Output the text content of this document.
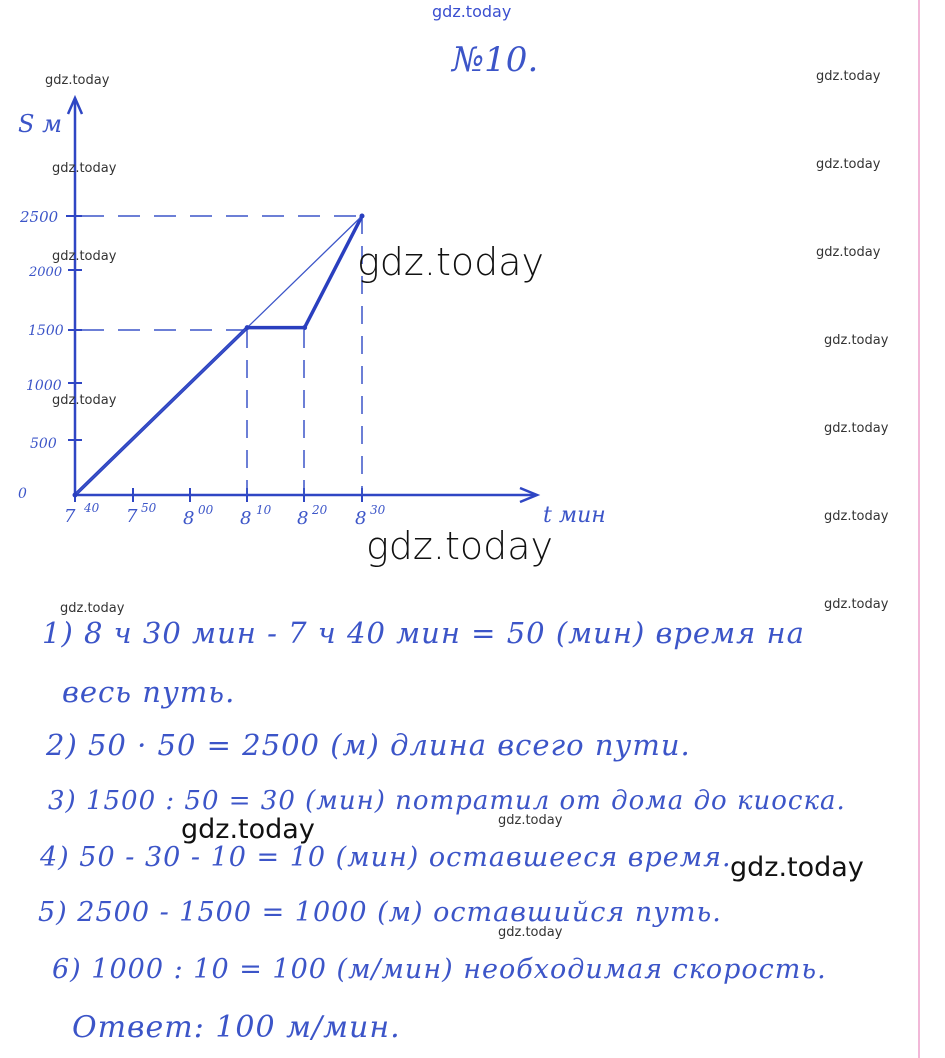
gdz.today
№10.
S м
t мин
0
500
1000
1500
2000
2500
7 40 7 50 8 00 8 10 8 20 8 30
gdz.today
gdz.today
gdz.today
gdz.today
gdz.today
gdz.today
gdz.today
gdz.today
gdz.today
gdz.today
gdz.today
gdz.today
gdz.today
gdz.today
gdz.today
gdz.today
gdz.today
gdz.today
1) 8 ч 30 мин - 7 ч 40 мин = 50 (мин) время на
весь путь.
2) 50 · 50 = 2500 (м) длина всего пути.
3) 1500 : 50 = 30 (мин) потратил от дома до киоска.
4) 50 - 30 - 10 = 10 (мин) оставшееся время.
5) 2500 - 1500 = 1000 (м) оставшийся путь.
6) 1000 : 10 = 100 (м/мин) необходимая скорость.
Ответ: 100 м/мин.
